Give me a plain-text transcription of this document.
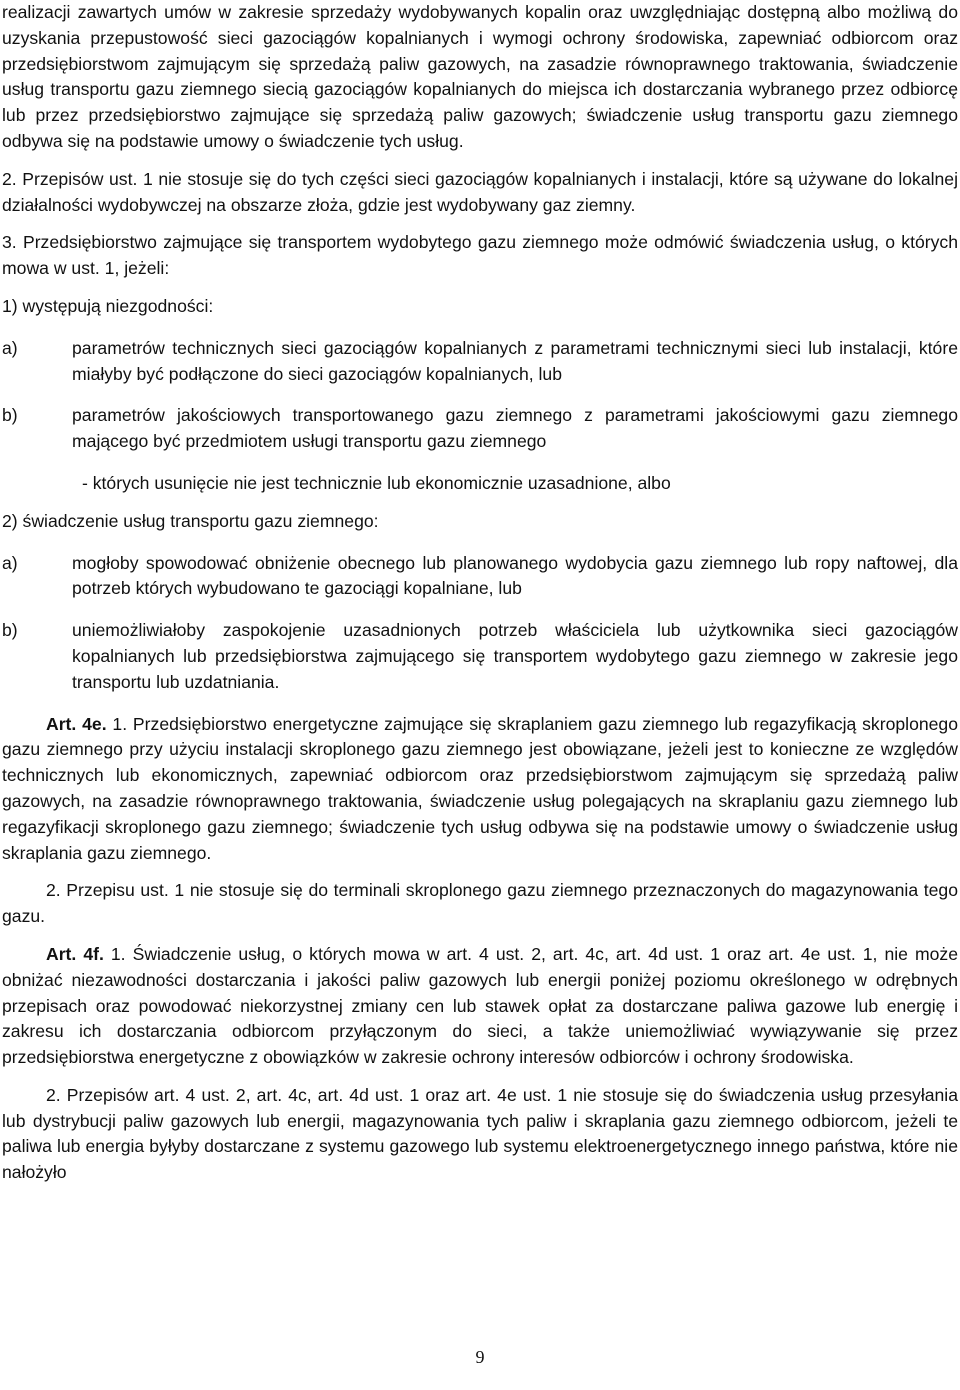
realizacji zawartych umów w zakresie sprzedaży wydobywanych kopalin oraz uwzględniając dostępną albo możliwą do uzyskania przepustowość sieci gazociągów kopalnianych i wymogi ochrony środowiska, zapewniać odbiorcom oraz przedsiębiorstwom zajmującym się sprzedażą paliw gazowych, na zasadzie równoprawnego traktowania, świadczenie usług transportu gazu ziemnego siecią gazociągów kopalnianych do miejsca ich dostarczania wybranego przez odbiorcę lub przez przedsiębiorstwo zajmujące się sprzedażą paliw gazowych; świadczenie usług transportu gazu ziemnego odbywa się na podstawie umowy o świadczenie tych usług.

2. Przepisów ust. 1 nie stosuje się do tych części sieci gazociągów kopalnianych i instalacji, które są używane do lokalnej działalności wydobywczej na obszarze złoża, gdzie jest wydobywany gaz ziemny.

3. Przedsiębiorstwo zajmujące się transportem wydobytego gazu ziemnego może odmówić świadczenia usług, o których mowa w ust. 1, jeżeli:

1) występują niezgodności:

a)	parametrów technicznych sieci gazociągów kopalnianych z parametrami technicznymi sieci lub instalacji, które miałyby być podłączone do sieci gazociągów kopalnianych, lub
b)	parametrów jakościowych transportowanego gazu ziemnego z parametrami jakościowymi gazu ziemnego mającego być przedmiotem usługi transportu gazu ziemnego

- których usunięcie nie jest technicznie lub ekonomicznie uzasadnione, albo

2) świadczenie usług transportu gazu ziemnego:

a)	mogłoby spowodować obniżenie obecnego lub planowanego wydobycia gazu ziemnego lub ropy naftowej, dla potrzeb których wybudowano te gazociągi kopalniane, lub
b)	uniemożliwiałoby zaspokojenie uzasadnionych potrzeb właściciela lub użytkownika sieci gazociągów kopalnianych lub przedsiębiorstwa zajmującego się transportem wydobytego gazu ziemnego w zakresie jego transportu lub uzdatniania.

Art. 4e. 1. Przedsiębiorstwo energetyczne zajmujące się skraplaniem gazu ziemnego lub regazyfikacją skroplonego gazu ziemnego przy użyciu instalacji skroplonego gazu ziemnego jest obowiązane, jeżeli jest to konieczne ze względów technicznych lub ekonomicznych, zapewniać odbiorcom oraz przedsiębiorstwom zajmującym się sprzedażą paliw gazowych, na zasadzie równoprawnego traktowania, świadczenie usług polegających na skraplaniu gazu ziemnego lub regazyfikacji skroplonego gazu ziemnego; świadczenie tych usług odbywa się na podstawie umowy o świadczenie usług skraplania gazu ziemnego.

2. Przepisu ust. 1 nie stosuje się do terminali skroplonego gazu ziemnego przeznaczonych do magazynowania tego gazu.

Art. 4f. 1. Świadczenie usług, o których mowa w art. 4 ust. 2, art. 4c, art. 4d ust. 1 oraz art. 4e ust. 1, nie może obniżać niezawodności dostarczania i jakości paliw gazowych lub energii poniżej poziomu określonego w odrębnych przepisach oraz powodować niekorzystnej zmiany cen lub stawek opłat za dostarczane paliwa gazowe lub energię i zakresu ich dostarczania odbiorcom przyłączonym do sieci, a także uniemożliwiać wywiązywanie się przez przedsiębiorstwa energetyczne z obowiązków w zakresie ochrony interesów odbiorców i ochrony środowiska.

2. Przepisów art. 4 ust. 2, art. 4c, art. 4d ust. 1 oraz art. 4e ust. 1 nie stosuje się do świadczenia usług przesyłania lub dystrybucji paliw gazowych lub energii, magazynowania tych paliw i skraplania gazu ziemnego odbiorcom, jeżeli te paliwa lub energia byłyby dostarczane z systemu gazowego lub systemu elektroenergetycznego innego państwa, które nie nałożyło

9
